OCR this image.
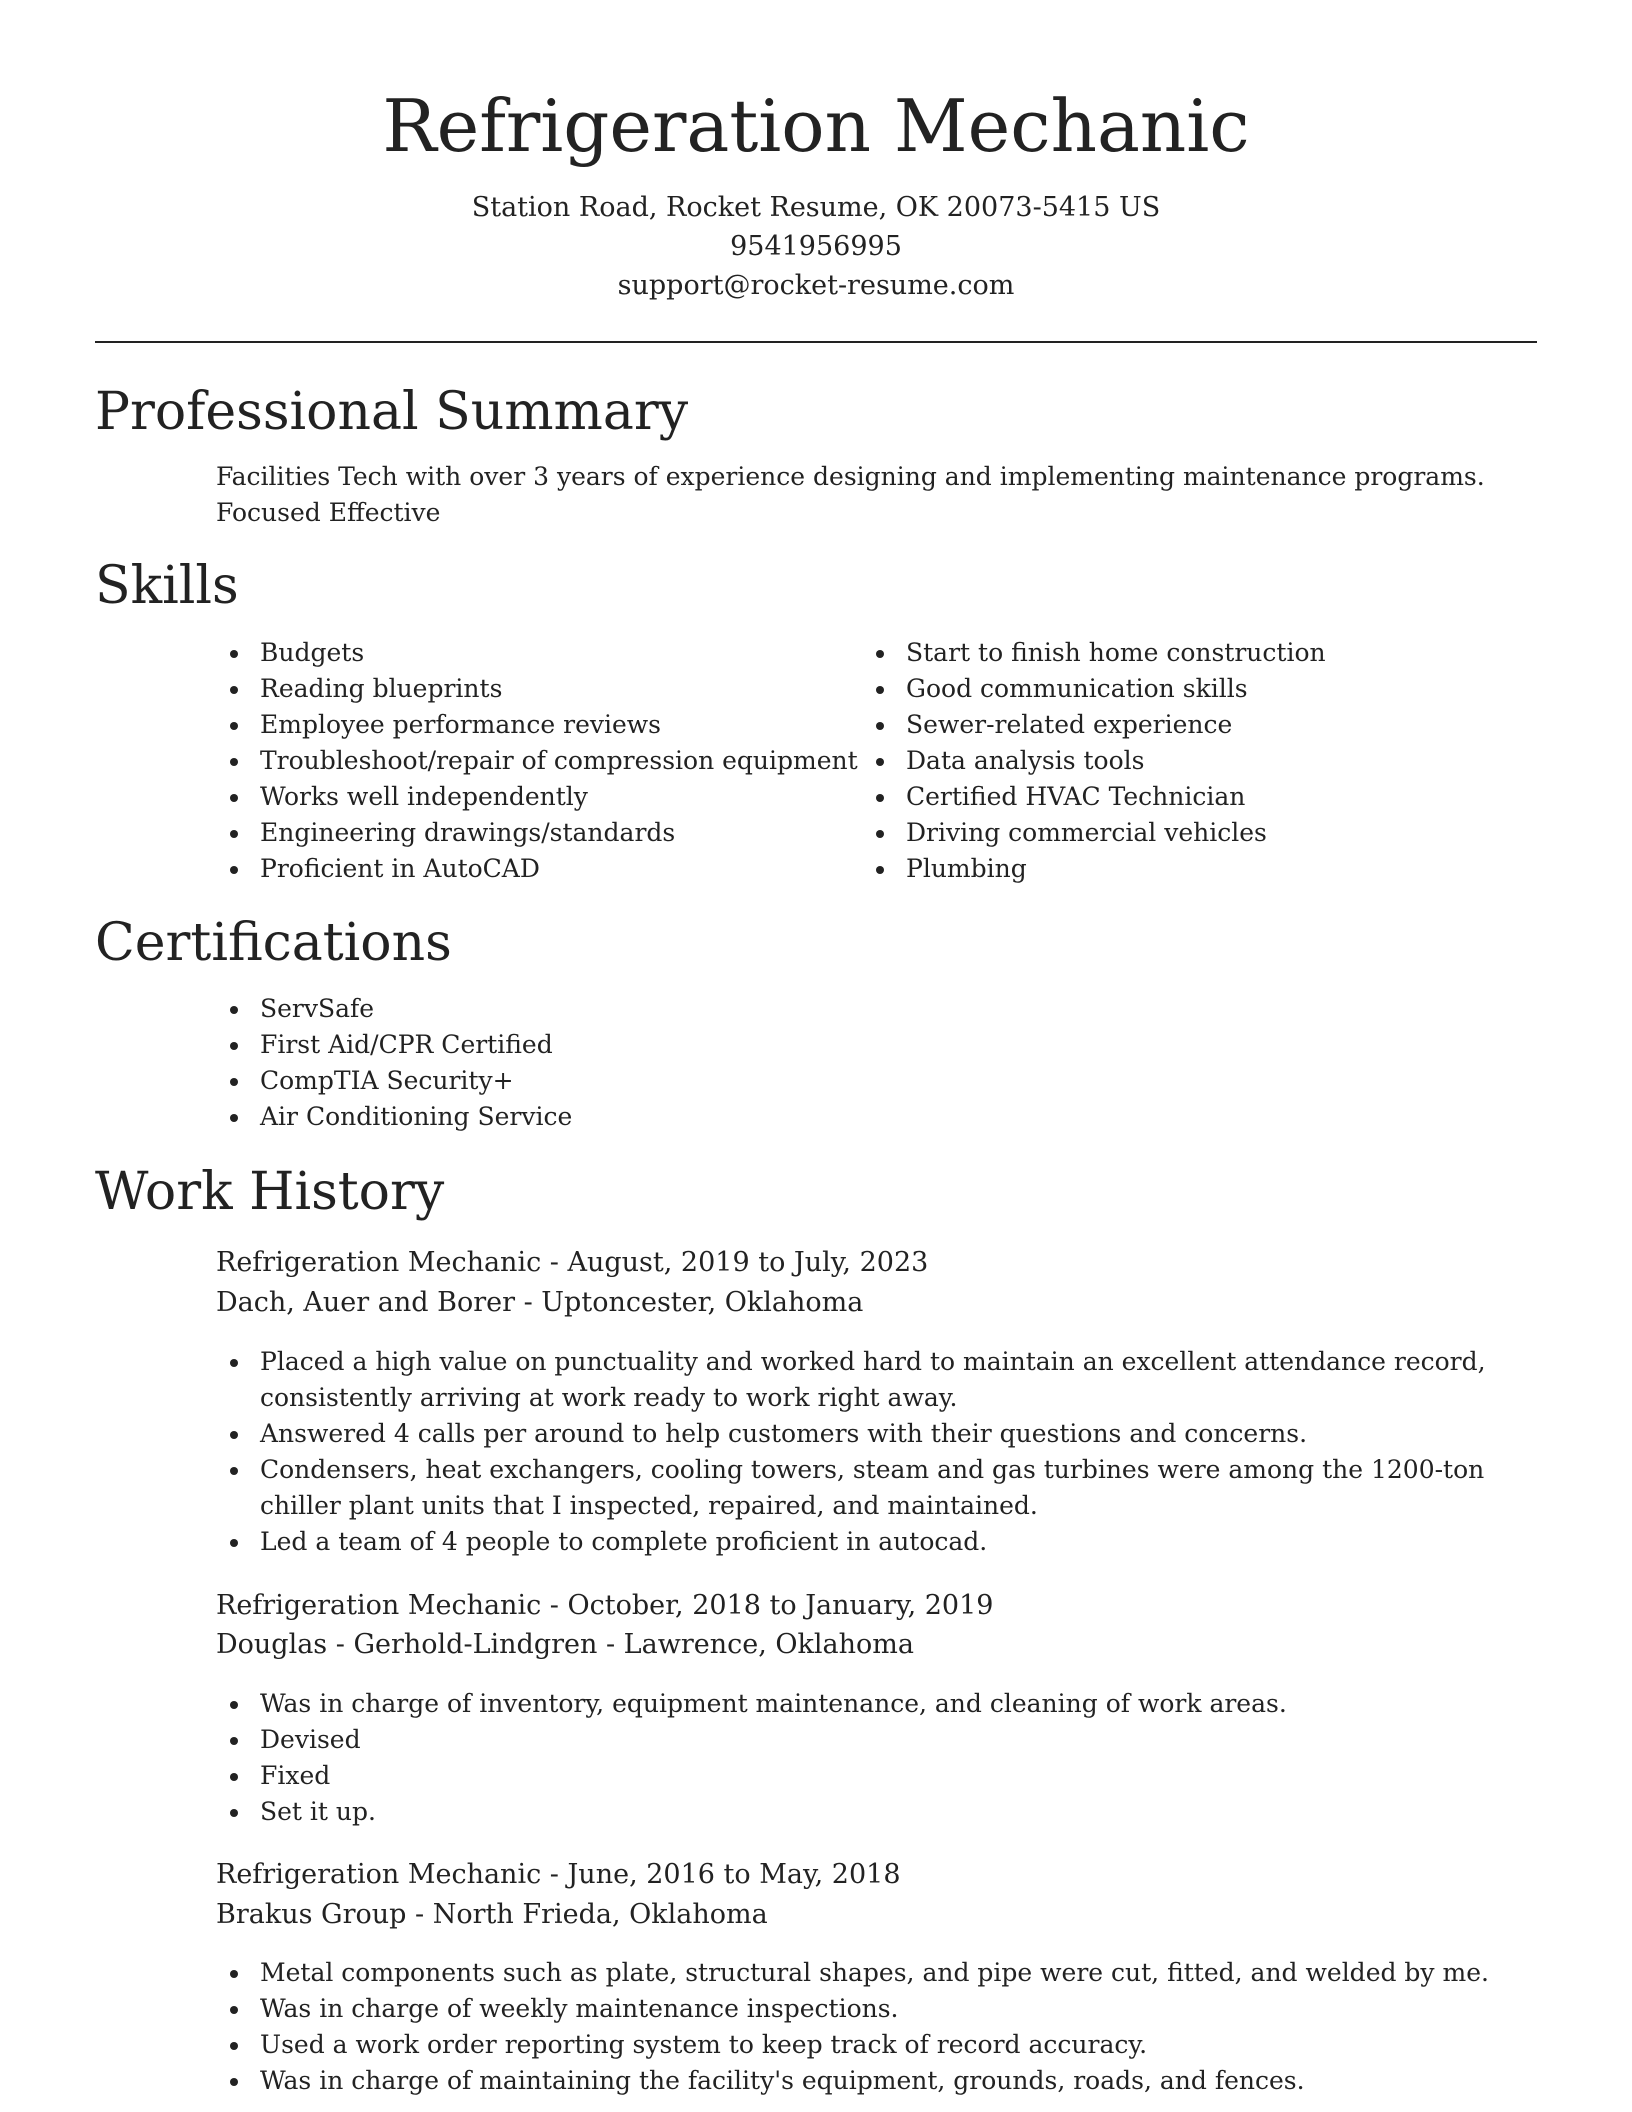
Refrigeration Mechanic
Station Road, Rocket Resume, OK 20073-5415 US
9541956995
support@rocket-resume.com
Professional Summary
Facilities Tech with over 3 years of experience designing and implementing maintenance programs. Focused Effective
Skills
Budgets
Reading blueprints
Employee performance reviews
Troubleshoot/repair of compression equipment
Works well independently
Engineering drawings/standards
Proficient in AutoCAD
Start to finish home construction
Good communication skills
Sewer-related experience
Data analysis tools
Certified HVAC Technician
Driving commercial vehicles
Plumbing
Certifications
ServSafe
First Aid/CPR Certified
CompTIA Security+
Air Conditioning Service
Work History
Refrigeration Mechanic - August, 2019 to July, 2023
Dach, Auer and Borer - Uptoncester, Oklahoma
Placed a high value on punctuality and worked hard to maintain an excellent attendance record, consistently arriving at work ready to work right away.
Answered 4 calls per around to help customers with their questions and concerns.
Condensers, heat exchangers, cooling towers, steam and gas turbines were among the 1200-ton chiller plant units that I inspected, repaired, and maintained.
Led a team of 4 people to complete proficient in autocad.
Refrigeration Mechanic - October, 2018 to January, 2019
Douglas - Gerhold-Lindgren - Lawrence, Oklahoma
Was in charge of inventory, equipment maintenance, and cleaning of work areas.
Devised
Fixed
Set it up.
Refrigeration Mechanic - June, 2016 to May, 2018
Brakus Group - North Frieda, Oklahoma
Metal components such as plate, structural shapes, and pipe were cut, fitted, and welded by me.
Was in charge of weekly maintenance inspections.
Used a work order reporting system to keep track of record accuracy.
Was in charge of maintaining the facility's equipment, grounds, roads, and fences.
